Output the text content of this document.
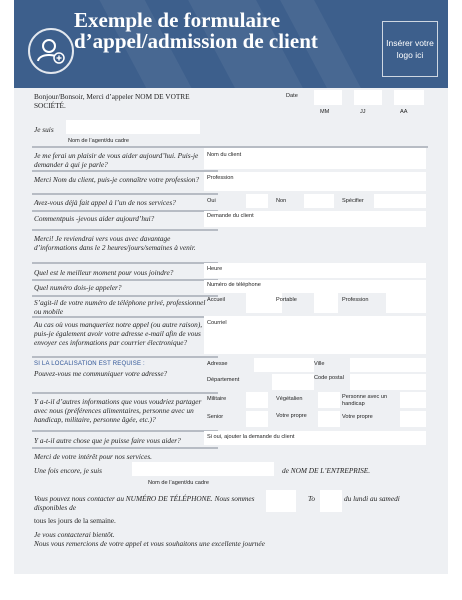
Exemple de formulaire d’appel/admission de client	Insérer votre logo ici

Bonjour/Bonsoir, Merci d’appeler NOM DE VOTRE SOCIÉTÉ.

Date

MM	JJ	AA

Je suis

Nom de l’agent/du cadre

Je me ferai un plaisir de vous aider aujourd’hui. Puis-je demander à qui je parle?

Nom du client

Merci Nom du client, puis-je connaître votre profession?	Profession

Avez-vous déjà fait appel à l’un de nos services?	Oui	Non	Spécifier

Commentpuis -jevous aider aujourd’hui?	Demande du client

Merci! Je reviendrai vers vous avec davantage d’informations dans le 2 heures/jours/semaines à venir.

Quel est le meilleur moment pour vous joindre?	Heure

Quel numéro dois-je appeler?	Numéro de téléphone

S’agit-il de votre numéro de téléphone privé, professionnel ou mobile

Accueil	Portable	Profession

Au cas où vous manqueriez notre appel (ou autre raison), puis-je également avoir votre adresse e-mail afin de vous envoyer ces informations par courrier électronique?

Courriel

SI LA LOCALISATION EST REQUISE :

Pouvez-vous me communiquer votre adresse?

Adresse	Ville

Département	Code postal

Y a-t-il d’autres informations que vous voudriez partager avec nous (préférences alimentaires, personne avec un handicap, militaire, personne âgée, etc.)?

Militaire	Végétalien	Personne avec un handicap

Senior	Votre propre	Votre propre

Y a-t-il autre chose que je puisse faire vous aider?	Si oui, ajouter la demande du client

Merci de votre intérêt pour nos services.

Une fois encore, je suis

Nom de l’agent/du cadre

de NOM DE L’ENTREPRISE.

Vous pouvez nous contacter au NUMÉRO DE TÉLÉPHONE. Nous sommes disponibles de

To	du lundi au samedi

tous les jours de la semaine.

Je vous contacterai bientôt.

Nous vous remercions de votre appel et vous souhaitons une excellente journée
